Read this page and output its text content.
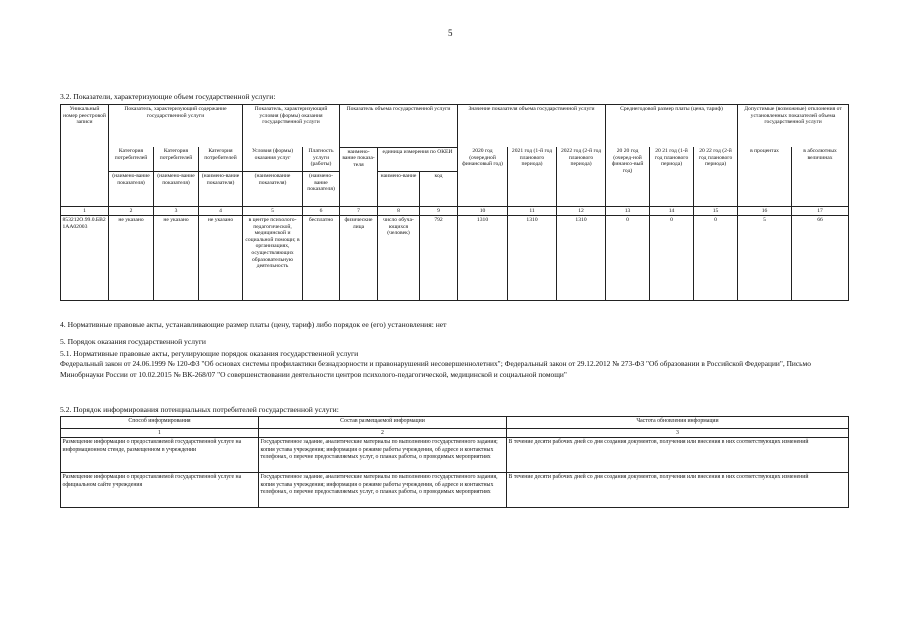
5
3.2. Показатели, характеризующие объем государственной услуги:
Уникальный номер реестровой записи	Показатель, характеризующий содержание государственной услуги			Показатель, характеризующий условия (формы) оказания государственной услуги		Показатель объема государственной услуги			Значение показателя объема государственной услуги			Среднегодовой размер платы (цена, тариф)			Допустимые (возможные) отклонения от установленных показателей объема государственной услуги	
	Категория потребителей	Категория потребителей	Категория потребителей	Условия (формы) оказания услуг	Платность услуги (работы)	наимено-вание показа-теля	единица измерения по ОКЕИ		2020 год (очередной финансовый год)	2021 год (1-й год планового периода)	2022 год (2-й год планового периода)	20 20 год (очеред-ной финансо-вый год)	20 21 год (1-й год планового периода)	20 22 год (2-й год планового периода)	в процентах	в абсолютных величинах
	(наимено-вание показателя)	(наимено-вание показателя)	(наимено-вание показателя)	(наименование показателя)	(наимено-вание показателя)		наимено-вание	код								
1	2	3	4	5	6	7	8	9	10	11	12	13	14	15	16	17
853212О.99.0.БВ21АА02003	не указано	не указано	не указано	в центре психолого-педагогической, медицинской и социальной помощи; в организациях, осуществляющих образовательную деятельность	бесплатно	физические лица	число обуча-ющихся (человек)	792	1310	1310	1310	0	0	0	5	66
4. Нормативные правовые акты, устанавливающие размер платы (цену, тариф) либо порядок ее (его) установления: нет
5. Порядок оказания государственной услуги
5.1. Нормативные правовые акты, регулирующие порядок оказания государственной услуги
Федеральный закон от 24.06.1999 № 120-ФЗ "Об основах системы профилактики безнадзорности и правонарушений несовершеннолетних"; Федеральный закон от 29.12.2012 № 273-ФЗ "Об образовании в Российской Федерации", Письмо Минобрнауки России от 10.02.2015 № ВК-268/07 "О совершенствовании деятельности центров психолого-педагогической, медицинской и социальной помощи"
5.2. Порядок информирования потенциальных потребителей государственной услуги:
Способ информирования	Состав размещаемой информации	Частота обновления информации
1	2	3
Размещение информации о предоставляемой государственной услуге на информационном стенде, размещенном в учреждении	Государственное задание, аналитические материалы по выполнению государственного задания; копия устава учреждения; информация о режиме работы учреждения, об адресе и контактных телефонах, о перечне предоставляемых услуг, о планах работы, о проводимых мероприятиях	В течение десяти рабочих дней со дня создания документов, получения или внесения в них соответствующих изменений
Размещение информации о предоставляемой государственной услуге на официальном сайте учреждения	Государственное задание, аналитические материалы по выполнению государственного задания, копия устава учреждения; информация о режиме работы учреждения, об адресе и контактных телефонах, о перечне предоставляемых услуг, о планах работы, о проводимых мероприятиях	В течение десяти рабочих дней со дня создания документов, получения или внесения в них соответствующих изменений
